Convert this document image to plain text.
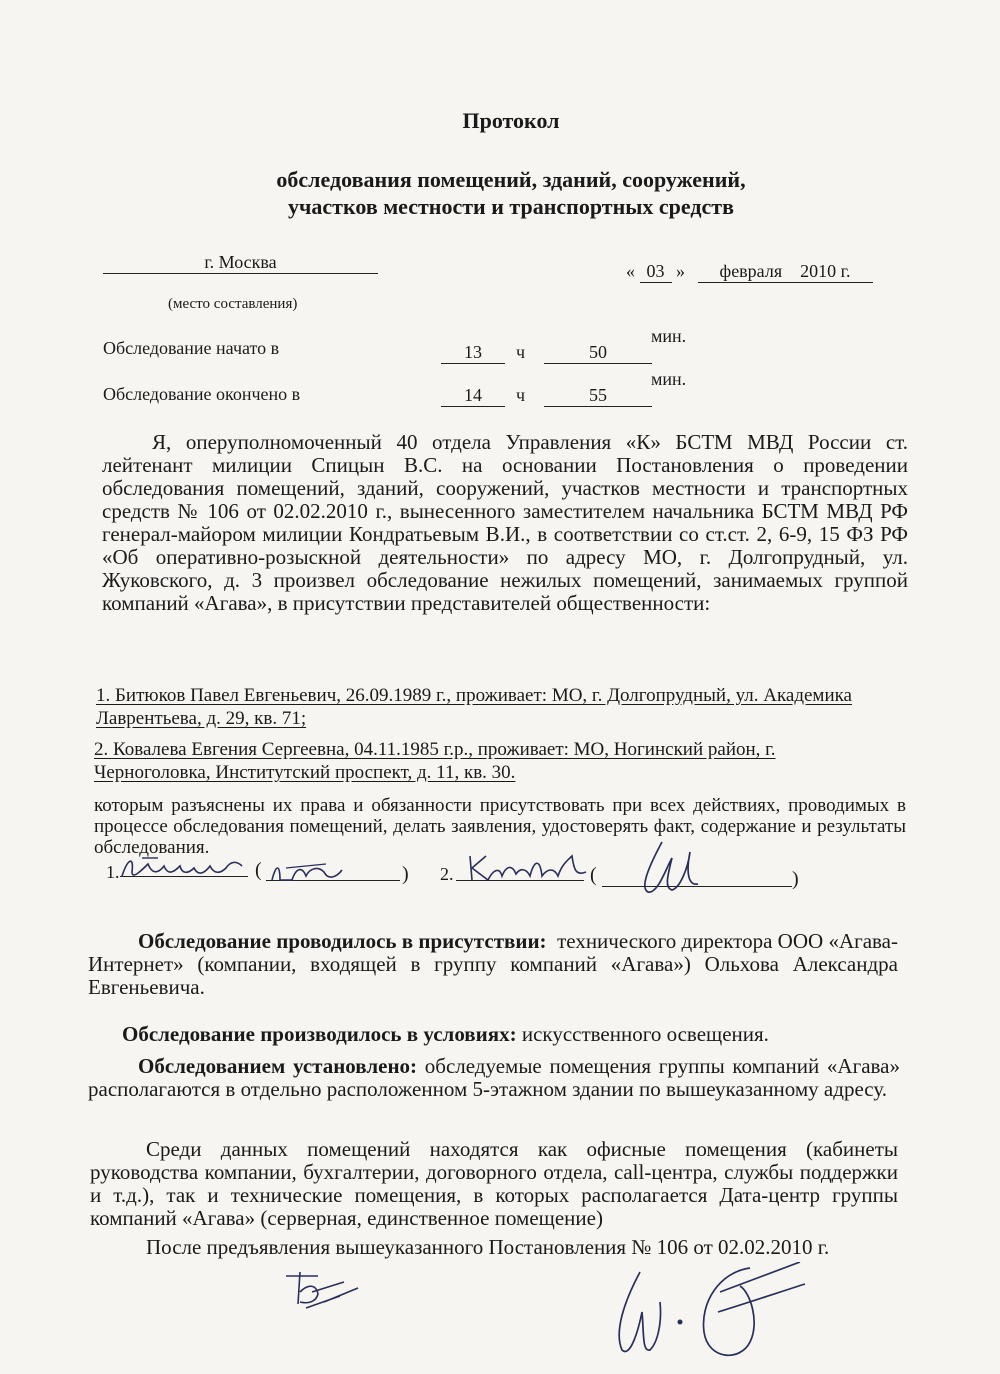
Протокол
обследования помещений, зданий, сооружений,
участков местности и транспортных средств
г. Москва
(место составления)
« 03 » февраля 2010 г.
Обследование начато в	13 ч	50
мин.
Обследование окончено в	14 ч	55
мин.
Я, оперуполномоченный 40 отдела Управления «К» БСТМ МВД России ст. лейтенант милиции Спицын В.С. на основании Постановления о проведении обследования помещений, зданий, сооружений, участков местности и транспортных средств № 106 от 02.02.2010 г., вынесенного заместителем начальника БСТМ МВД РФ генерал-майором милиции Кондратьевым В.И., в соответствии со ст.ст. 2, 6-9, 15 ФЗ РФ «Об оперативно-розыскной деятельности» по адресу МО, г. Долгопрудный, ул. Жуковского, д. 3 произвел обследование нежилых помещений, занимаемых группой компаний «Агава», в присутствии представителей общественности:
1. Битюков Павел Евгеньевич, 26.09.1989 г., проживает: МО, г. Долгопрудный, ул. Академика Лаврентьева, д. 29, кв. 71;
2. Ковалева Евгения Сергеевна, 04.11.1985 г.р., проживает: МО, Ногинский район, г. Черноголовка, Институтский проспект, д. 11, кв. 30.
которым разъяснены их права и обязанности присутствовать при всех действиях, проводимых в процессе обследования помещений, делать заявления, удостоверять факт, содержание и результаты обследования.
1.	(	) 2.	(	)
Обследование проводилось в присутствии: технического директора ООО «Агава-Интернет» (компании, входящей в группу компаний «Агава») Ольхова Александра Евгеньевича.
Обследование производилось в условиях: искусственного освещения.
Обследованием установлено: обследуемые помещения группы компаний «Агава» располагаются в отдельно расположенном 5-этажном здании по вышеуказанному адресу.
Среди данных помещений находятся как офисные помещения (кабинеты руководства компании, бухгалтерии, договорного отдела, call-центра, службы поддержки и т.д.), так и технические помещения, в которых располагается Дата-центр группы компаний «Агава» (серверная, единственное помещение)
После предъявления вышеуказанного Постановления № 106 от 02.02.2010 г.
